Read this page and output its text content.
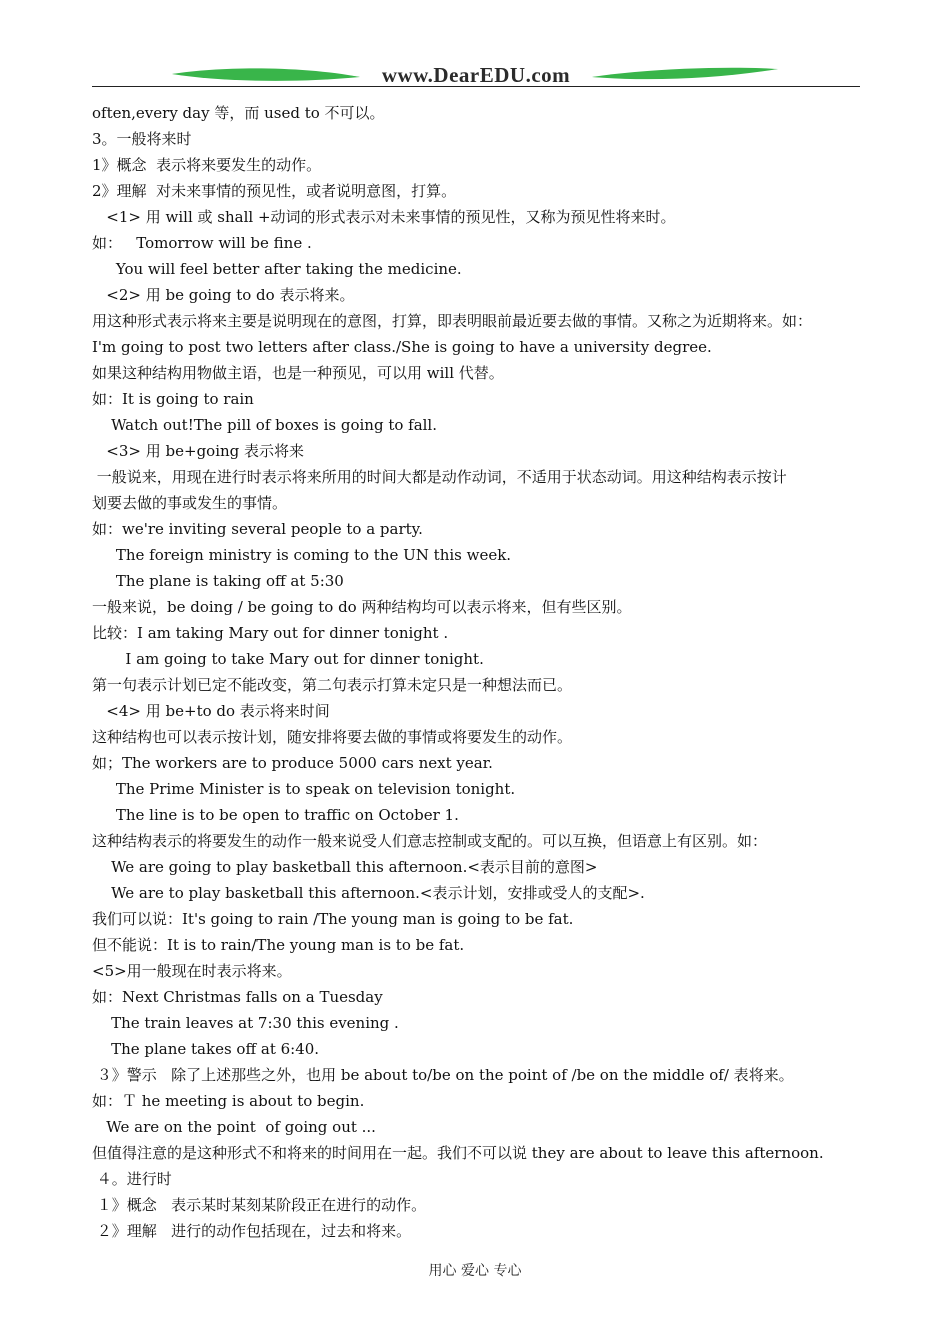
www.DearEDU.com
often,every day 等，而 used to 不可以。
3。一般将来时
1》概念  表示将来要发生的动作。
2》理解  对未来事情的预见性，或者说明意图，打算。
<1> 用 will 或 shall +动词的形式表示对未来事情的预见性，又称为预见性将来时。
如：   Tomorrow will be fine .
You will feel better after taking the medicine.
<2> 用 be going to do 表示将来。
用这种形式表示将来主要是说明现在的意图，打算，即表明眼前最近要去做的事情。又称之为近期将来。如：
I'm going to post two letters after class./She is going to have a university degree.
如果这种结构用物做主语，也是一种预见，可以用 will 代替。
如：It is going to rain
Watch out!The pill of boxes is going to fall.
<3> 用 be+going 表示将来
一般说来，用现在进行时表示将来所用的时间大都是动作动词，不适用于状态动词。用这种结构表示按计
划要去做的事或发生的事情。
如：we're inviting several people to a party.
The foreign ministry is coming to the UN this week.
The plane is taking off at 5:30
一般来说，be doing / be going to do 两种结构均可以表示将来，但有些区别。
比较：I am taking Mary out for dinner tonight .
I am going to take Mary out for dinner tonight.
第一句表示计划已定不能改变，第二句表示打算未定只是一种想法而已。
<4> 用 be+to do 表示将来时间
这种结构也可以表示按计划，随安排将要去做的事情或将要发生的动作。
如；The workers are to produce 5000 cars next year.
The Prime Minister is to speak on television tonight.
The line is to be open to traffic on October 1.
这种结构表示的将要发生的动作一般来说受人们意志控制或支配的。可以互换，但语意上有区别。如：
We are going to play basketball this afternoon.<表示目前的意图>
We are to play basketball this afternoon.<表示计划，安排或受人的支配>.
我们可以说：It's going to rain /The young man is going to be fat.
但不能说：It is to rain/The young man is to be fat.
<5>用一般现在时表示将来。
如：Next Christmas falls on a Tuesday
The train leaves at 7:30 this evening .
The plane takes off at 6:40.
３》警示   除了上述那些之外，也用 be about to/be on the point of /be on the middle of/ 表将来。
如：Ｔ he meeting is about to begin.
We are on the point  of going out ...
但值得注意的是这种形式不和将来的时间用在一起。我们不可以说 they are about to leave this afternoon.
４。进行时
１》概念   表示某时某刻某阶段正在进行的动作。
２》理解   进行的动作包括现在，过去和将来。
用心 爱心 专心
